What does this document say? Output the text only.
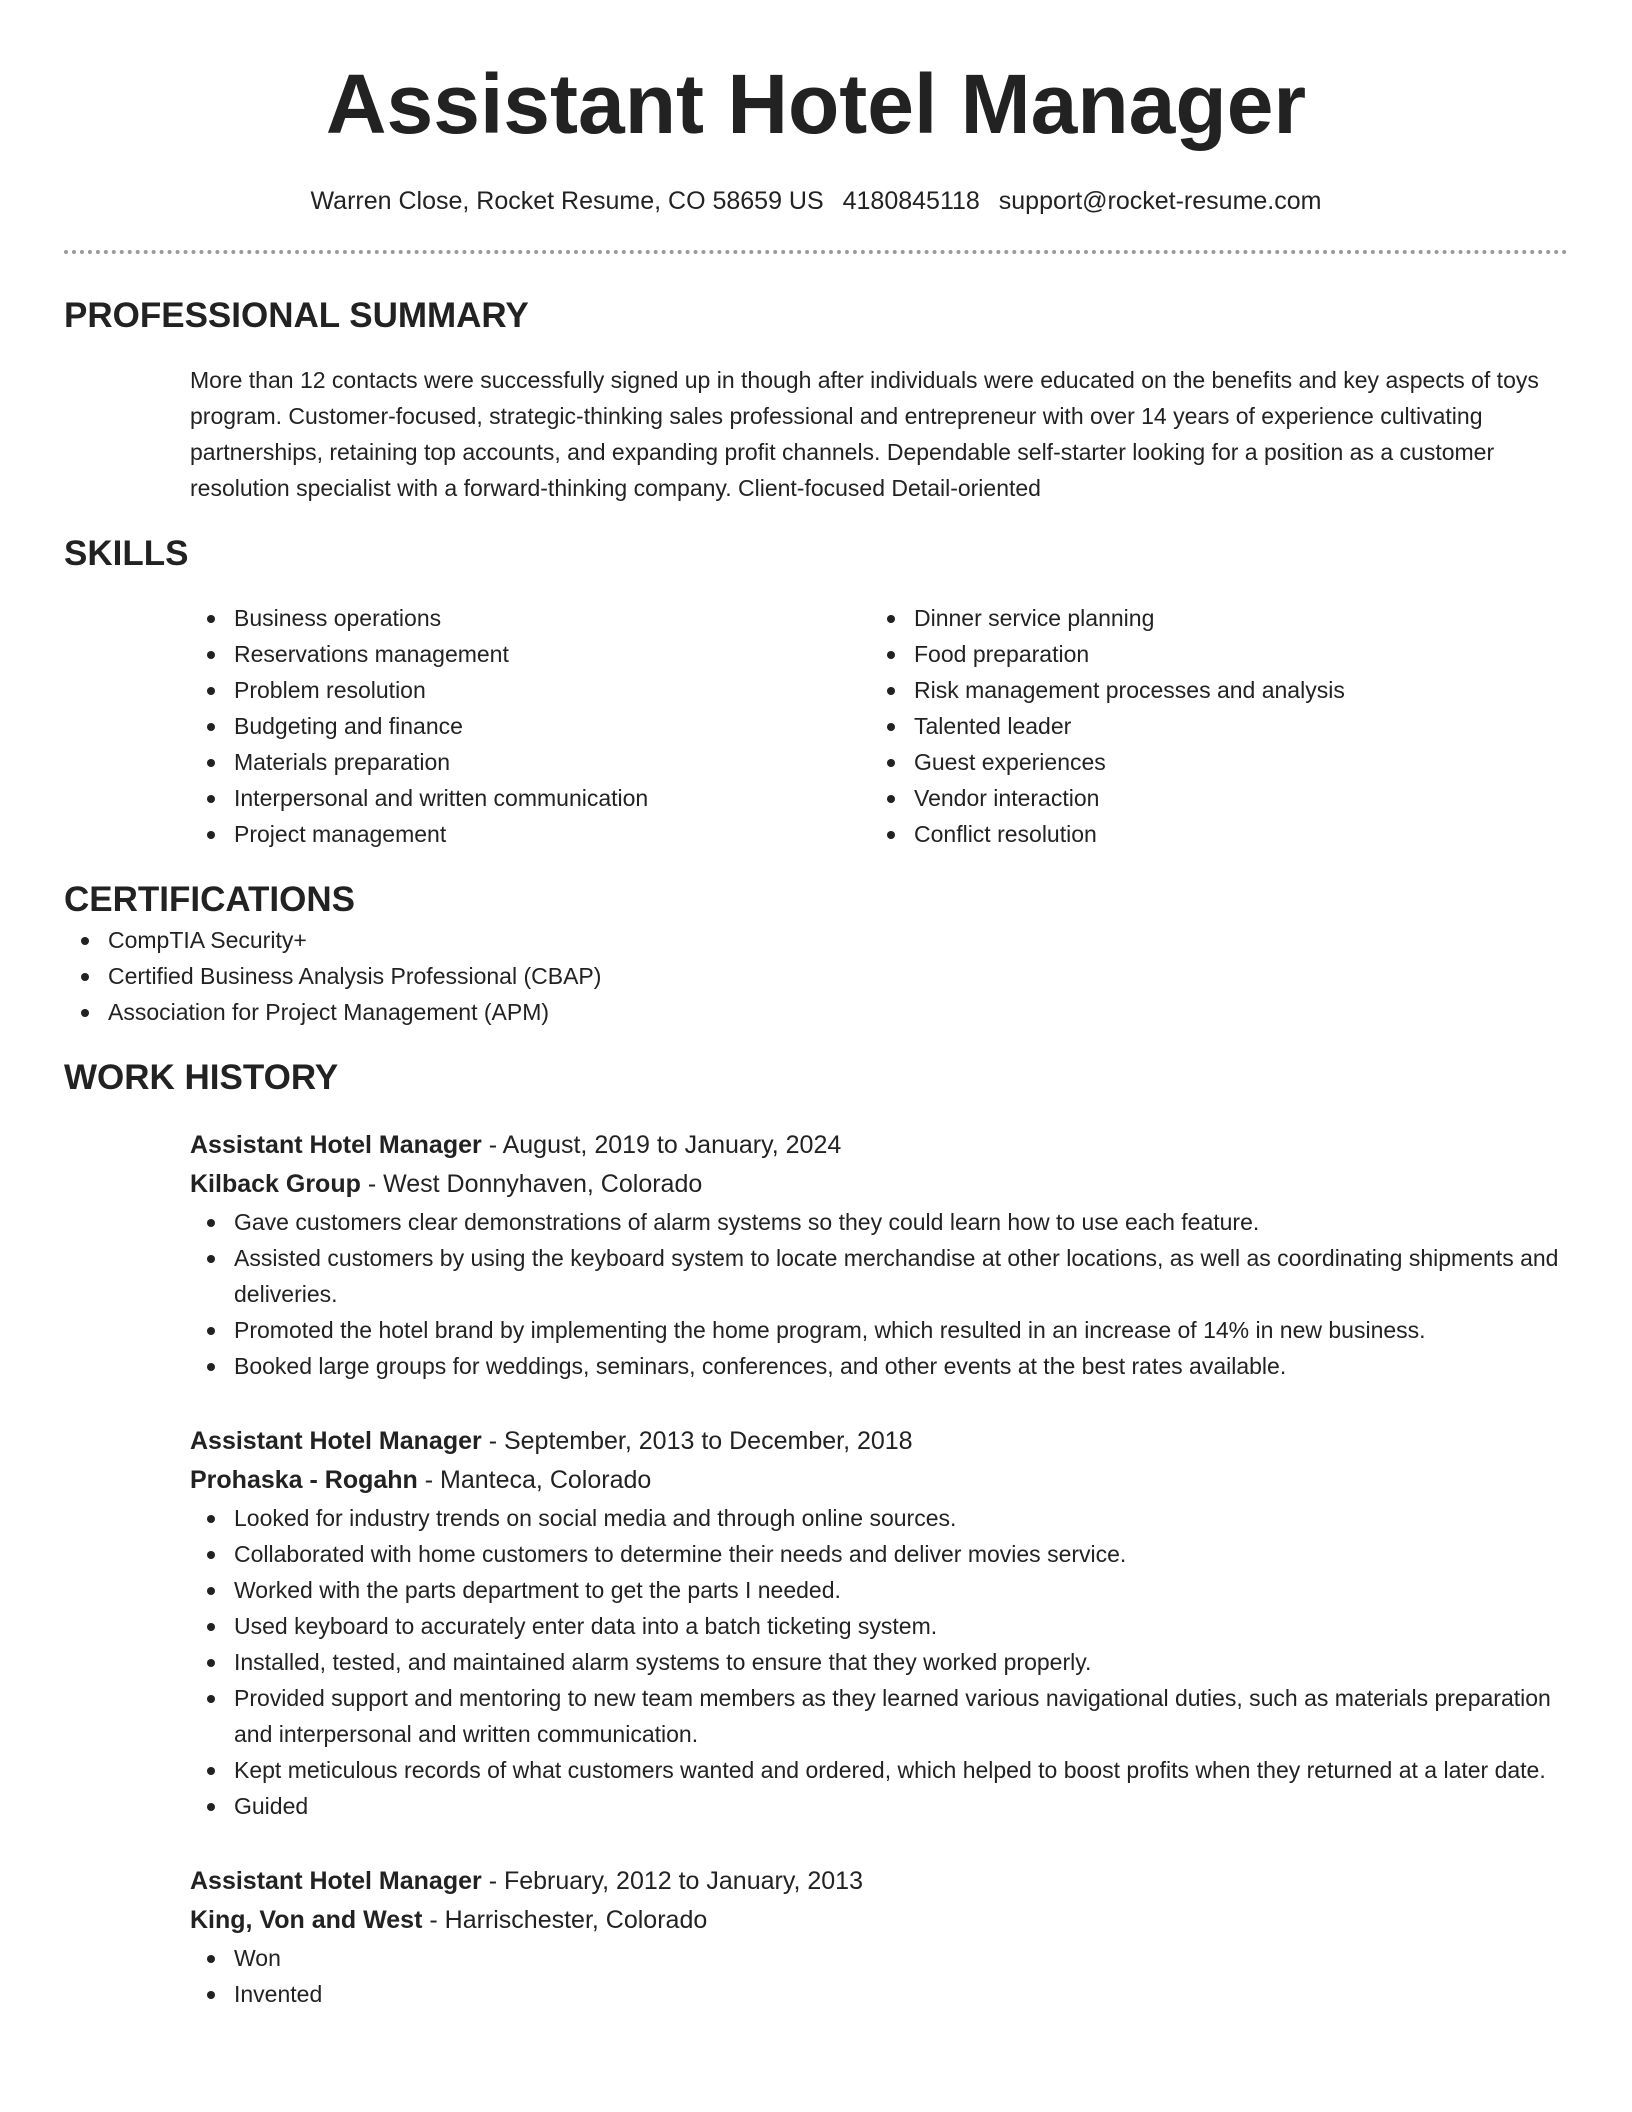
Assistant Hotel Manager
Warren Close, Rocket Resume, CO 58659 US 4180845118 support@rocket-resume.com
PROFESSIONAL SUMMARY

More than 12 contacts were successfully signed up in though after individuals were educated on the benefits and key aspects of toys program. Customer-focused, strategic-thinking sales professional and entrepreneur with over 14 years of experience cultivating partnerships, retaining top accounts, and expanding profit channels. Dependable self-starter looking for a position as a customer resolution specialist with a forward-thinking company. Client-focused Detail-oriented

SKILLS
Business operations
Reservations management
Problem resolution
Budgeting and finance
Materials preparation
Interpersonal and written communication
Project management
Dinner service planning
Food preparation
Risk management processes and analysis
Talented leader
Guest experiences
Vendor interaction
Conflict resolution
CERTIFICATIONS
CompTIA Security+
Certified Business Analysis Professional (CBAP)
Association for Project Management (APM)
WORK HISTORY
Assistant Hotel Manager - August, 2019 to January, 2024
Kilback Group - West Donnyhaven, Colorado
Gave customers clear demonstrations of alarm systems so they could learn how to use each feature.
Assisted customers by using the keyboard system to locate merchandise at other locations, as well as coordinating shipments and deliveries.
Promoted the hotel brand by implementing the home program, which resulted in an increase of 14% in new business.
Booked large groups for weddings, seminars, conferences, and other events at the best rates available.
Assistant Hotel Manager - September, 2013 to December, 2018
Prohaska - Rogahn - Manteca, Colorado
Looked for industry trends on social media and through online sources.
Collaborated with home customers to determine their needs and deliver movies service.
Worked with the parts department to get the parts I needed.
Used keyboard to accurately enter data into a batch ticketing system.
Installed, tested, and maintained alarm systems to ensure that they worked properly.
Provided support and mentoring to new team members as they learned various navigational duties, such as materials preparation and interpersonal and written communication.
Kept meticulous records of what customers wanted and ordered, which helped to boost profits when they returned at a later date.
Guided
Assistant Hotel Manager - February, 2012 to January, 2013
King, Von and West - Harrischester, Colorado
Won
Invented
